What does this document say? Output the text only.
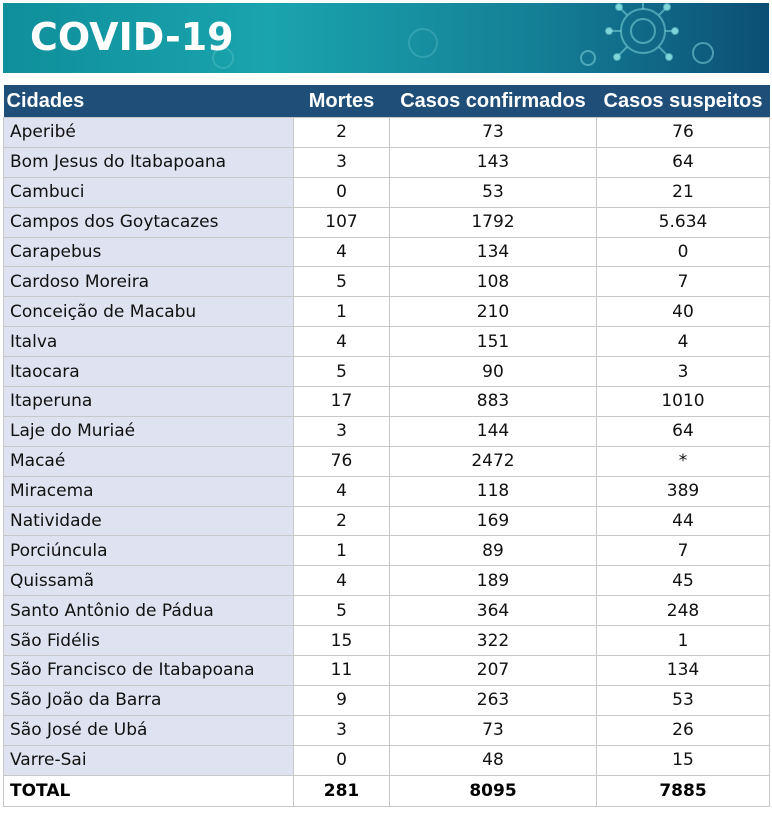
COVID-19
Cidades	Mortes	Casos confirmados	Casos suspeitos
Aperibé	2	73	76
Bom Jesus do Itabapoana	3	143	64
Cambuci	0	53	21
Campos dos Goytacazes	107	1792	5.634
Carapebus	4	134	0
Cardoso Moreira	5	108	7
Conceição de Macabu	1	210	40
Italva	4	151	4
Itaocara	5	90	3
Itaperuna	17	883	1010
Laje do Muriaé	3	144	64
Macaé	76	2472	*
Miracema	4	118	389
Natividade	2	169	44
Porciúncula	1	89	7
Quissamã	4	189	45
Santo Antônio de Pádua	5	364	248
São Fidélis	15	322	1
São Francisco de Itabapoana	11	207	134
São João da Barra	9	263	53
São José de Ubá	3	73	26
Varre-Sai	0	48	15
TOTAL	281	8095	7885
